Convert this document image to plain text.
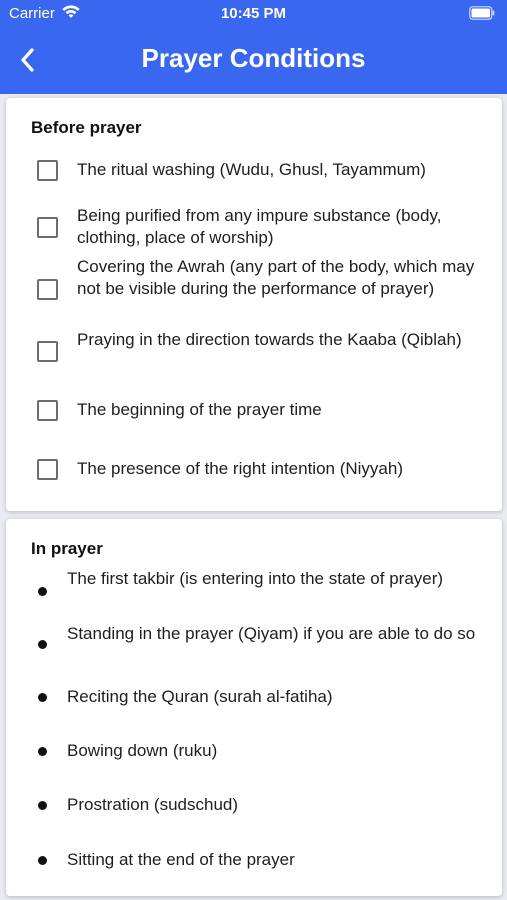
Carrier	10:45 PM
Prayer Conditions
Before prayer
The ritual washing (Wudu, Ghusl, Tayammum)
Being purified from any impure substance (body, clothing, place of worship)
Covering the Awrah (any part of the body, which may not be visible during the performance of prayer)
Praying in the direction towards the Kaaba (Qiblah)
The beginning of the prayer time
The presence of the right intention (Niyyah)
In prayer
The first takbir (is entering into the state of prayer)
Standing in the prayer (Qiyam) if you are able to do so
Reciting the Quran (surah al-fatiha)
Bowing down (ruku)
Prostration (sudschud)
Sitting at the end of the prayer
